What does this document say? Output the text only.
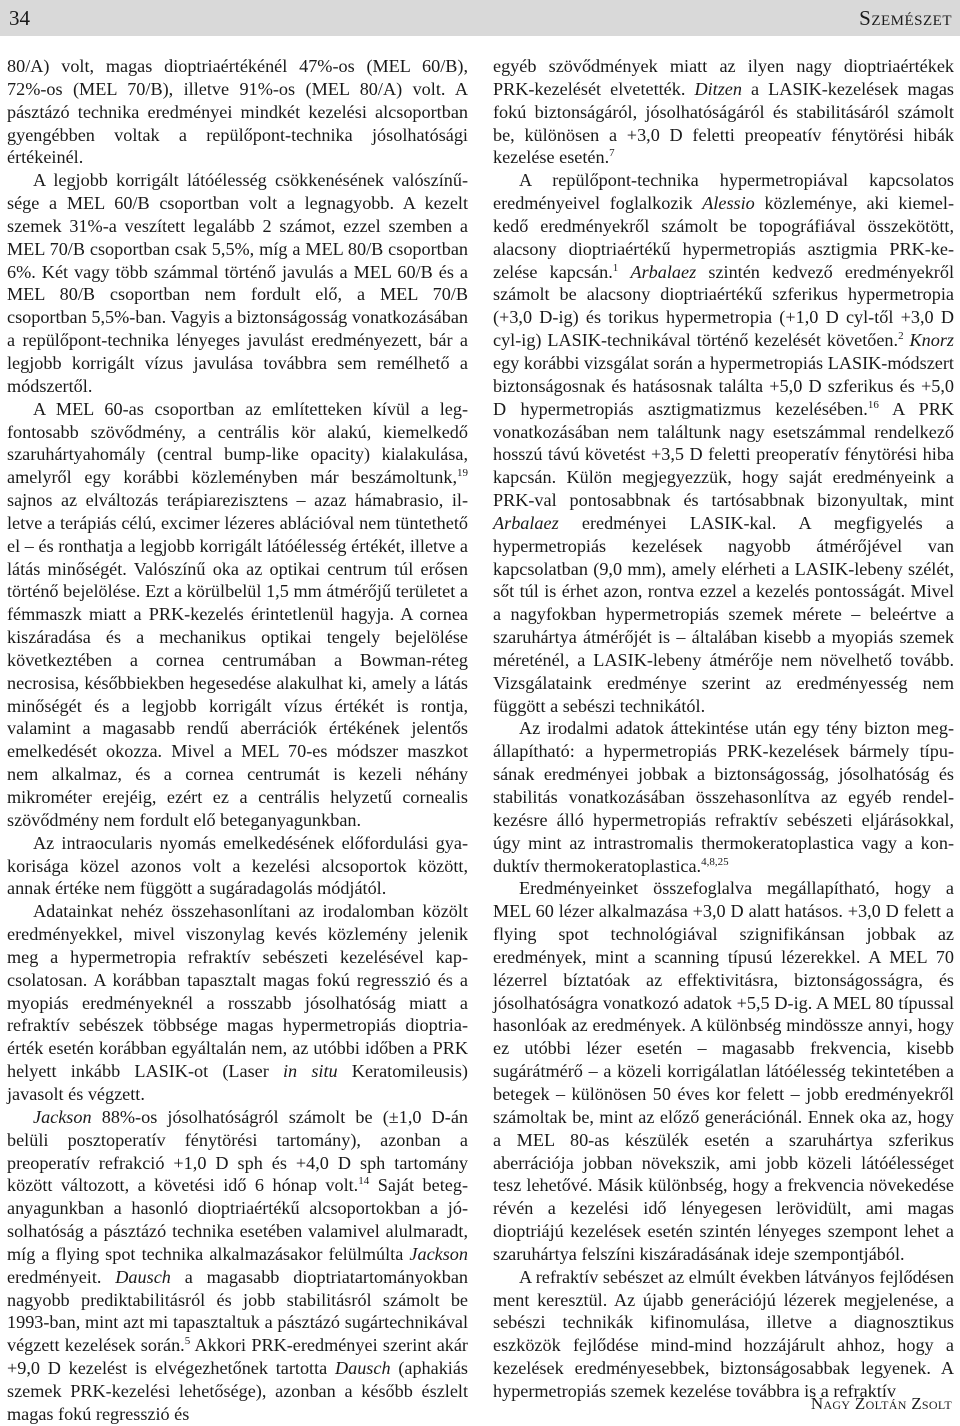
34	Szemészet

80/A) volt, magas dioptriaértékénél 47%-os (MEL 60/B), 72%-os (MEL 70/B), illetve 91%-os (MEL 80/A) volt. A pásztázó technika eredményei mindkét kezelési alcsoportban gyengébben voltak a repülőpont-technika jósolhatósági értékeinél.

A legjobb korrigált látóélesség csökkenésének valószínűsége a MEL 60/B csoportban volt a legnagyobb. A kezelt szemek 31%-a veszített legalább 2 számot, ezzel szemben a MEL 70/B csoportban csak 5,5%, míg a MEL 80/B csoportban 6%. Két vagy több számmal történő javulás a MEL 60/B és a MEL 80/B csoportban nem fordult elő, a MEL 70/B csoportban 5,5%-ban. Vagyis a biztonságosság vonatkozásában a repülőpont-technika lényeges javulást eredményezett, bár a legjobb korrigált vízus javulása továbbra sem remélhető a módszertől.

A MEL 60-as csoportban az említetteken kívül a legfontosabb szövődmény, a centrális kör alakú, kiemelkedő szaruhártyahomály (central bump-like opacity) kialakulása, amelyről egy korábbi közleményben már beszámoltunk,$^{19}$ sajnos az elváltozás terápiarezisztens – azaz hámabrasio, illetve a terápiás célú, excimer lézeres ablációval nem tüntethető el – és ronthatja a legjobb korrigált látóélesség értékét, illetve a látás minőségét. Valószínű oka az optikai centrum túl erősen történő bejelölése. Ezt a körülbelül 1,5 mm átmérőjű területet a fémmaszk miatt a PRK-kezelés érintetlenül hagyja. A cornea kiszáradása és a mechanikus optikai tengely bejelölése következtében a cornea centrumában a Bowman-réteg necrosisa, későbbiekben hegesedése alakulhat ki, amely a látás minőségét és a legjobb korrigált vízus értékét is rontja, valamint a magasabb rendű aberrációk értékének jelentős emelkedését okozza. Mivel a MEL 70-es módszer maszkot nem alkalmaz, és a cornea centrumát is kezeli néhány mikrométer erejéig, ezért ez a centrális helyzetű cornealis szövődmény nem fordult elő beteganyagunkban.

Az intraocularis nyomás emelkedésének előfordulási gyakorisága közel azonos volt a kezelési alcsoportok között, annak értéke nem függött a sugáradagolás módjától.

Adatainkat nehéz összehasonlítani az irodalomban közölt eredményekkel, mivel viszonylag kevés közlemény jelenik meg a hypermetropia refraktív sebészeti kezelésével kapcsolatosan. A korábban tapasztalt magas fokú regresszió és a myopiás eredményeknél a rosszabb jósolhatóság miatt a refraktív sebészek többsége magas hypermetropiás dioptriaérték esetén korábban egyáltalán nem, az utóbbi időben a PRK helyett inkább LASIK-ot (Laser in situ Keratomileusis) javasolt és végzett.

Jackson 88%-os jósolhatóságról számolt be (±1,0 D-án belüli posztoperatív fénytörési tartomány), azonban a preoperatív refrakció +1,0 D sph és +4,0 D sph tartomány között változott, a követési idő 6 hónap volt.$^{14}$ Saját beteganyagunkban a hasonló dioptriaértékű alcsoportokban a jósolhatóság a pásztázó technika esetében valamivel alulmaradt, míg a flying spot technika alkalmazásakor felülmúlta Jackson eredményeit. Dausch a magasabb dioptriatartományokban nagyobb prediktabilitásról és jobb stabilitásról számolt be 1993-ban, mint azt mi tapasztaltuk a pásztázó sugártechnikával végzett kezelések során.$^5$ Akkori PRK-eredményei szerint akár +9,0 D kezelést is elvégezhetőnek tartotta Dausch (aphakiás szemek PRK-kezelési lehetősége), azonban a később észlelt magas fokú regresszió és

egyéb szövődmények miatt az ilyen nagy dioptriaértékek PRK-kezelését elvetették. Ditzen a LASIK-kezelések magas fokú biztonságáról, jósolhatóságáról és stabilitásáról számolt be, különösen a +3,0 D feletti preopeatív fénytörési hibák kezelése esetén.$^7$

A repülőpont-technika hypermetropiával kapcsolatos eredményeivel foglalkozik Alessio közleménye, aki kiemelkedő eredményekről számolt be topográfiával összekötött, alacsony dioptriaértékű hypermetropiás asztigmia PRK-kezelése kapcsán.$^1$ Arbalaez szintén kedvező eredményekről számolt be alacsony dioptriaértékű szferikus hypermetropia (+3,0 D-ig) és torikus hypermetropia (+1,0 D cyl-től +3,0 D cyl-ig) LASIK-technikával történő kezelését követően.$^2$ Knorz egy korábbi vizsgálat során a hypermetropiás LASIK-módszert biztonságosnak és hatásosnak találta +5,0 D szferikus és +5,0 D hypermetropiás asztigmatizmus kezelésében.$^{16}$ A PRK vonatkozásában nem találtunk nagy esetszámmal rendelkező hosszú távú követést +3,5 D feletti preoperatív fénytörési hiba kapcsán. Külön megjegyezzük, hogy saját eredményeink a PRK-val pontosabbnak és tartósabbnak bizonyultak, mint Arbalaez eredményei LASIK-kal. A megfigyelés a hypermetropiás kezelések nagyobb átmérőjével van kapcsolatban (9,0 mm), amely elérheti a LASIK-lebeny szélét, sőt túl is érhet azon, rontva ezzel a kezelés pontosságát. Mivel a nagyfokban hypermetropiás szemek mérete – beleértve a szaruhártya átmérőjét is – általában kisebb a myopiás szemek méreténél, a LASIK-lebeny átmérője nem növelhető tovább. Vizsgálataink eredménye szerint az eredményesség nem függött a sebészi technikától.

Az irodalmi adatok áttekintése után egy tény bizton megállapítható: a hypermetropiás PRK-kezelések bármely típusának eredményei jobbak a biztonságosság, jósolhatóság és stabilitás vonatkozásában összehasonlítva az egyéb rendelkezésre álló hypermetropiás refraktív sebészeti eljárásokkal, úgy mint az intrastromalis thermokeratoplastica vagy a konduktív thermokeratoplastica.$^{4,8,25}$

Eredményeinket összefoglalva megállapítható, hogy a MEL 60 lézer alkalmazása +3,0 D alatt hatásos. +3,0 D felett a flying spot technológiával szignifikánsan jobbak az eredmények, mint a scanning típusú lézerekkel. A MEL 70 lézerrel bíztatóak az effektivitásra, biztonságosságra, és jósolhatóságra vonatkozó adatok +5,5 D-ig. A MEL 80 típussal hasonlóak az eredmények. A különbség mindössze annyi, hogy ez utóbbi lézer esetén – magasabb frekvencia, kisebb sugárátmérő – a közeli korrigálatlan látóélesség tekintetében a betegek – különösen 50 éves kor felett – jobb eredményekről számoltak be, mint az előző generációnál. Ennek oka az, hogy a MEL 80-as készülék esetén a szaruhártya szferikus aberrációja jobban növekszik, ami jobb közeli látóélességet tesz lehetővé. Másik különbség, hogy a frekvencia növekedése révén a kezelési idő lényegesen lerövidült, ami magas dioptriájú kezelések esetén szintén lényeges szempont lehet a szaruhártya felszíni kiszáradásának ideje szempontjából.

A refraktív sebészet az elmúlt években látványos fejlődésen ment keresztül. Az újabb generációjú lézerek megjelenése, a sebészi technikák kifinomulása, illetve a diagnosztikus eszközök fejlődése mind-mind hozzájárult ahhoz, hogy a kezelések eredményesebbek, biztonságosabbak legyenek. A hypermetropiás szemek kezelése továbbra is a refraktív

Nagy Zoltán Zsolt
